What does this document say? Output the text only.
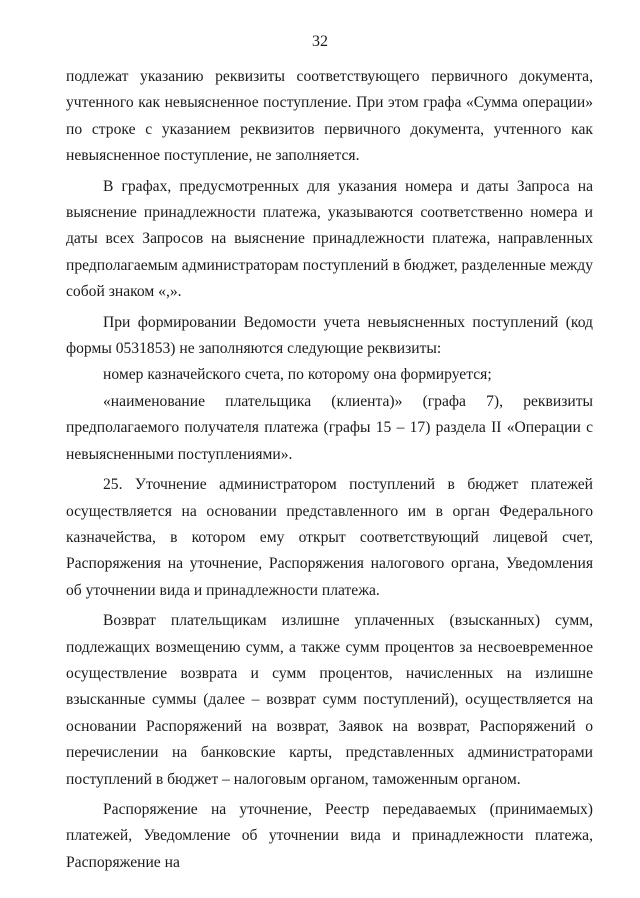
32

подлежат указанию реквизиты соответствующего первичного документа, учтенного как невыясненное поступление. При этом графа «Сумма операции» по строке с указанием реквизитов первичного документа, учтенного как невыясненное поступление, не заполняется.

В графах, предусмотренных для указания номера и даты Запроса на выяснение принадлежности платежа, указываются соответственно номера и даты всех Запросов на выяснение принадлежности платежа, направленных предполагаемым администраторам поступлений в бюджет, разделенные между собой знаком «,».

При формировании Ведомости учета невыясненных поступлений (код формы 0531853) не заполняются следующие реквизиты:

номер казначейского счета, по которому она формируется;

«наименование плательщика (клиента)» (графа 7), реквизиты предполагаемого получателя платежа (графы 15 – 17) раздела II «Операции с невыясненными поступлениями».

25. Уточнение администратором поступлений в бюджет платежей осуществляется на основании представленного им в орган Федерального казначейства, в котором ему открыт соответствующий лицевой счет, Распоряжения на уточнение, Распоряжения налогового органа, Уведомления об уточнении вида и принадлежности платежа.

Возврат плательщикам излишне уплаченных (взысканных) сумм, подлежащих возмещению сумм, а также сумм процентов за несвоевременное осуществление возврата и сумм процентов, начисленных на излишне взысканные суммы (далее – возврат сумм поступлений), осуществляется на основании Распоряжений на возврат, Заявок на возврат, Распоряжений о перечислении на банковские карты, представленных администраторами поступлений в бюджет – налоговым органом, таможенным органом.

Распоряжение на уточнение, Реестр передаваемых (принимаемых) платежей, Уведомление об уточнении вида и принадлежности платежа, Распоряжение на
